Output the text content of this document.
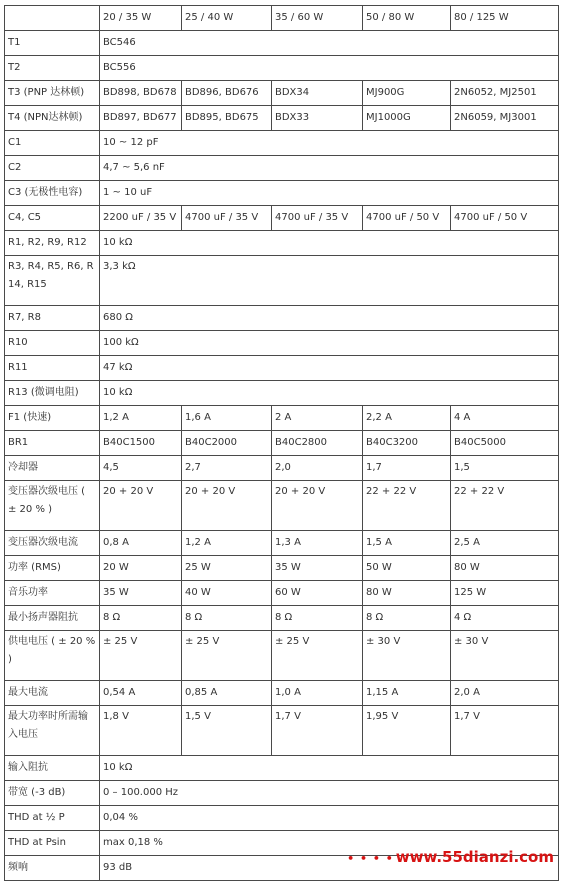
	20 / 35 W	25 / 40 W	35 / 60 W	50 / 80 W	80 / 125 W
T1	BC546				
T2	BC556				
T3 (PNP 达林顿)	BD898, BD678	BD896, BD676	BDX34	MJ900G	2N6052, MJ2501
T4 (NPN达林顿)	BD897, BD677	BD895, BD675	BDX33	MJ1000G	2N6059, MJ3001
C1	10 ~ 12 pF				
C2	4,7 ~ 5,6 nF				
C3 (无极性电容)	1 ~ 10 uF				
C4, C5	2200 uF / 35 V	4700 uF / 35 V	4700 uF / 35 V	4700 uF / 50 V	4700 uF / 50 V
R1, R2, R9, R12	10 kΩ				
R3, R4, R5, R6, R14, R15	3,3 kΩ				
R7, R8	680 Ω				
R10	100 kΩ				
R11	47 kΩ				
R13 (微调电阻)	10 kΩ				
F1 (快速)	1,2 A	1,6 A	2 A	2,2 A	4 A
BR1	B40C1500	B40C2000	B40C2800	B40C3200	B40C5000
冷却器	4,5	2,7	2,0	1,7	1,5
变压器次级电压 ( ± 20 % )	20 + 20 V	20 + 20 V	20 + 20 V	22 + 22 V	22 + 22 V
变压器次级电流	0,8 A	1,2 A	1,3 A	1,5 A	2,5 A
功率 (RMS)	20 W	25 W	35 W	50 W	80 W
音乐功率	35 W	40 W	60 W	80 W	125 W
最小扬声器阻抗	8 Ω	8 Ω	8 Ω	8 Ω	4 Ω
供电电压 ( ± 20 % )	± 25 V	± 25 V	± 25 V	± 30 V	± 30 V
最大电流	0,54 A	0,85 A	1,0 A	1,15 A	2,0 A
最大功率时所需输入电压	1,8 V	1,5 V	1,7 V	1,95 V	1,7 V
输入阻抗	10 kΩ				
带宽 (-3 dB)	0 – 100.000 Hz				
THD at ½ P	0,04 %				
THD at Psin	max 0,18 %				
频响	93 dB				
• • • • www.55dianzi.com
